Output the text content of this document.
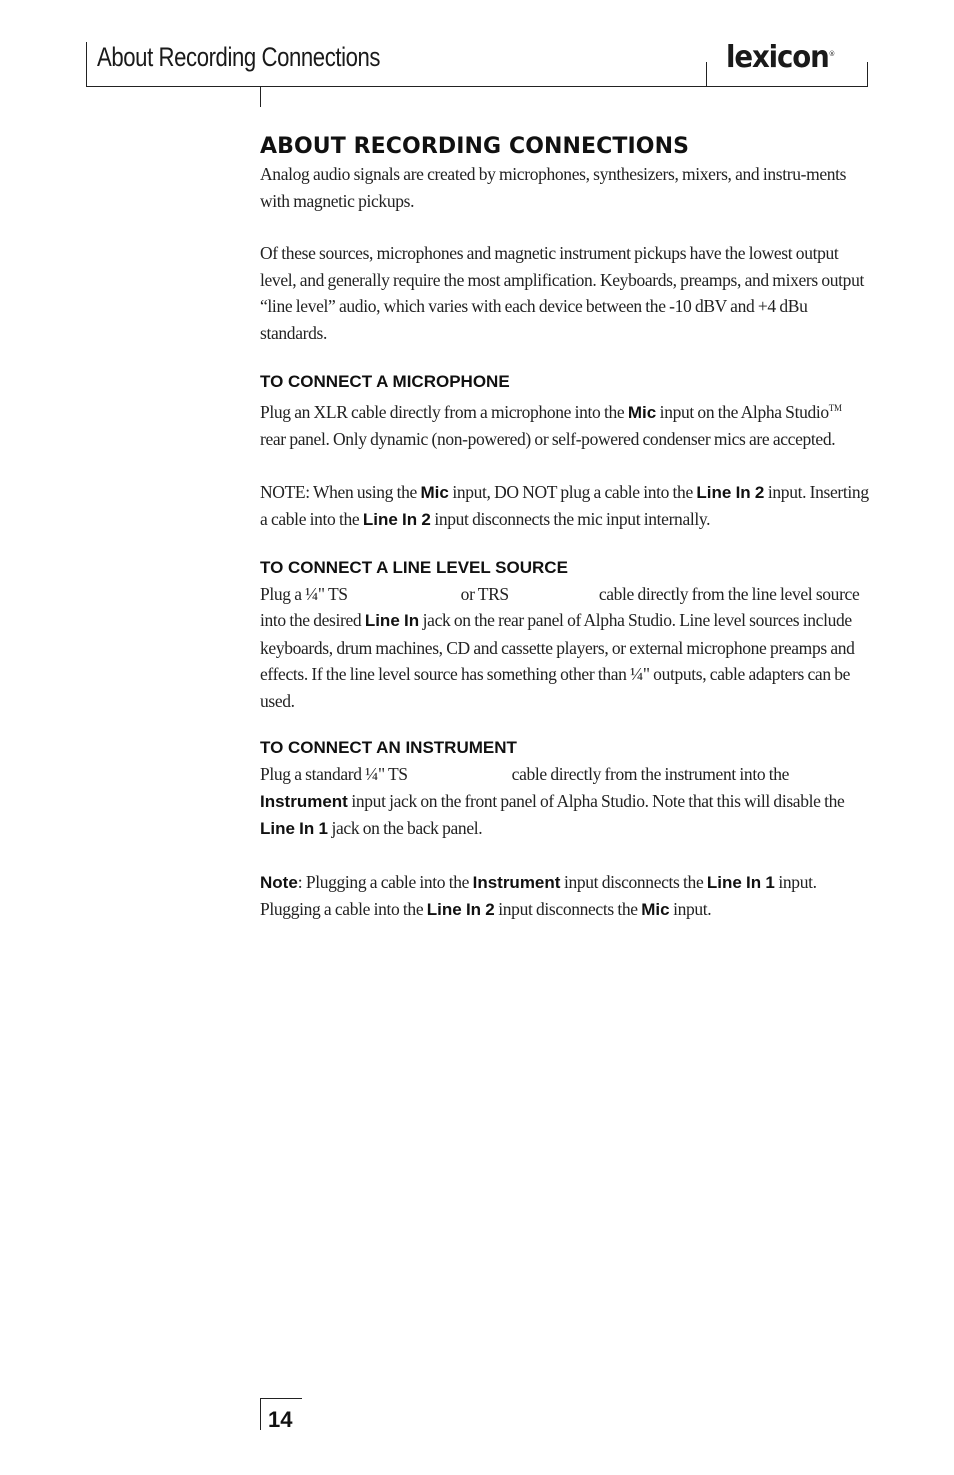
About Recording Connections	lexicon®
ABOUT RECORDING CONNECTIONS

Analog audio signals are created by microphones, synthesizers, mixers, and instru-ments with magnetic pickups.

Of these sources, microphones and magnetic instrument pickups have the lowest output level, and generally require the most amplification. Keyboards, preamps, and mixers output “line level” audio, which varies with each device between the -10 dBV and +4 dBu standards.

TO CONNECT A MICROPHONE

Plug an XLR cable directly from a microphone into the Mic input on the Alpha Studio™ rear panel. Only dynamic (non-powered) or self-powered condenser mics are accepted.

NOTE: When using the Mic input, DO NOT plug a cable into the Line In 2 input. Inserting a cable into the Line In 2 input disconnects the mic input internally.

TO CONNECT A LINE LEVEL SOURCE

Plug a ¼" TS	or TRS	cable directly from the line level source into the desired Line In jack on the rear panel of Alpha Studio. Line level sources include keyboards, drum machines, CD and cassette players, or external microphone preamps and effects. If the line level source has something other than ¼" outputs, cable adapters can be used.

TO CONNECT AN INSTRUMENT

Plug a standard ¼" TS	cable directly from the instrument into the Instrument input jack on the front panel of Alpha Studio. Note that this will disable the Line In 1 jack on the back panel.

Note: Plugging a cable into the Instrument input disconnects the Line In 1 input. Plugging a cable into the Line In 2 input disconnects the Mic input.

14
